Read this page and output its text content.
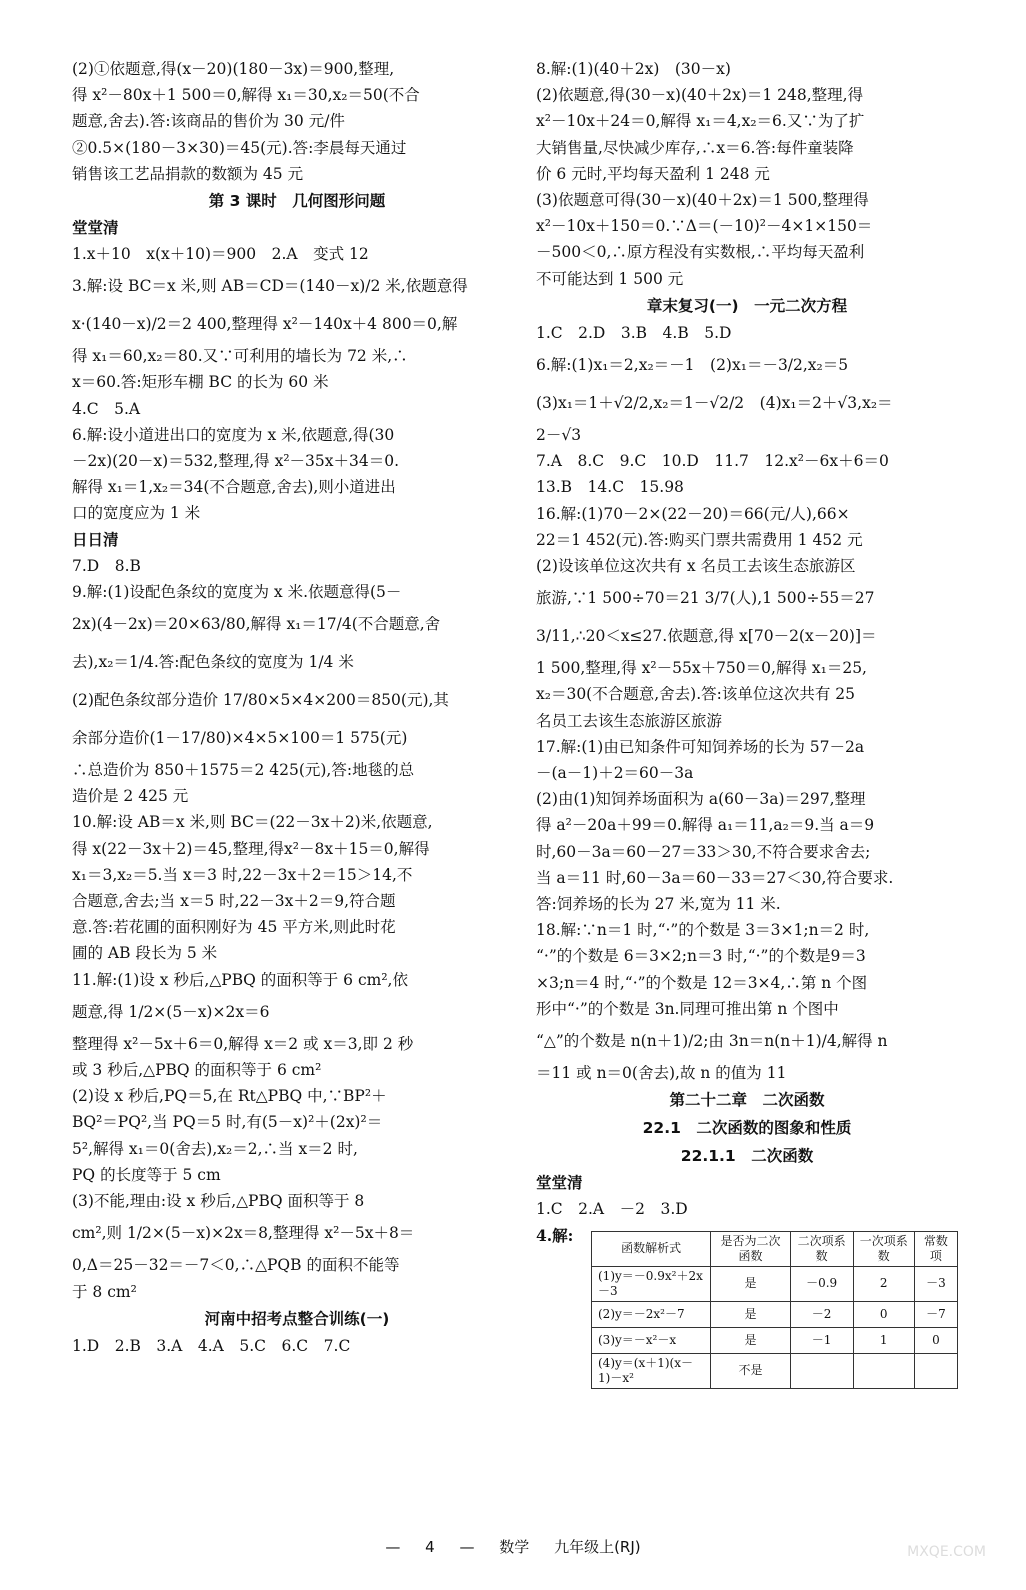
(2)①依题意,得(x－20)(180－3x)＝900,整理,
得 x²－80x＋1 500＝0,解得 x₁＝30,x₂＝50(不合
题意,舍去).答:该商品的售价为 30 元/件
②0.5×(180－3×30)＝45(元).答:李晨每天通过
销售该工艺品捐款的数额为 45 元
第 3 课时　几何图形问题
堂堂清
1.x＋10　x(x＋10)＝900　2.A　变式 12
3.解:设 BC＝x 米,则 AB＝CD＝(140－x)/2 米,依题意得
x·(140－x)/2＝2 400,整理得 x²－140x＋4 800＝0,解
得 x₁＝60,x₂＝80.又∵可利用的墙长为 72 米,∴
x＝60.答:矩形车棚 BC 的长为 60 米
4.C　5.A
6.解:设小道进出口的宽度为 x 米,依题意,得(30
－2x)(20－x)＝532,整理,得 x²－35x＋34＝0.
解得 x₁＝1,x₂＝34(不合题意,舍去),则小道进出
口的宽度应为 1 米
日日清
7.D　8.B
9.解:(1)设配色条纹的宽度为 x 米.依题意得(5－
2x)(4－2x)＝20×63/80,解得 x₁＝17/4(不合题意,舍
去),x₂＝1/4.答:配色条纹的宽度为 1/4 米
(2)配色条纹部分造价 17/80×5×4×200＝850(元),其
余部分造价(1－17/80)×4×5×100＝1 575(元)
∴总造价为 850＋1575＝2 425(元),答:地毯的总
造价是 2 425 元
10.解:设 AB＝x 米,则 BC＝(22－3x＋2)米,依题意,
得 x(22－3x＋2)＝45,整理,得x²－8x＋15＝0,解得
x₁＝3,x₂＝5.当 x＝3 时,22－3x＋2＝15＞14,不
合题意,舍去;当 x＝5 时,22－3x＋2＝9,符合题
意.答:若花圃的面积刚好为 45 平方米,则此时花
圃的 AB 段长为 5 米
11.解:(1)设 x 秒后,△PBQ 的面积等于 6 cm²,依
题意,得 1/2×(5－x)×2x＝6
整理得 x²－5x＋6＝0,解得 x＝2 或 x＝3,即 2 秒
或 3 秒后,△PBQ 的面积等于 6 cm²
(2)设 x 秒后,PQ＝5,在 Rt△PBQ 中,∵BP²＋
BQ²＝PQ²,当 PQ＝5 时,有(5－x)²＋(2x)²＝
5²,解得 x₁＝0(舍去),x₂＝2,∴当 x＝2 时,
PQ 的长度等于 5 cm
(3)不能,理由:设 x 秒后,△PBQ 面积等于 8
cm²,则 1/2×(5－x)×2x＝8,整理得 x²－5x＋8＝
0,Δ＝25－32＝－7＜0,∴△PQB 的面积不能等
于 8 cm²
河南中招考点整合训练(一)
1.D　2.B　3.A　4.A　5.C　6.C　7.C
8.解:(1)(40＋2x)　(30－x)
(2)依题意,得(30－x)(40＋2x)＝1 248,整理,得
x²－10x＋24＝0,解得 x₁＝4,x₂＝6.又∵为了扩
大销售量,尽快减少库存,∴x＝6.答:每件童装降
价 6 元时,平均每天盈利 1 248 元
(3)依题意可得(30－x)(40＋2x)＝1 500,整理得
x²－10x＋150＝0.∵Δ＝(－10)²－4×1×150＝
－500＜0,∴原方程没有实数根,∴平均每天盈利
不可能达到 1 500 元
章末复习(一)　一元二次方程
1.C　2.D　3.B　4.B　5.D
6.解:(1)x₁＝2,x₂＝－1　(2)x₁＝－3/2,x₂＝5
(3)x₁＝1＋√2/2,x₂＝1－√2/2　(4)x₁＝2＋√3,x₂＝
2－√3
7.A　8.C　9.C　10.D　11.7　12.x²－6x＋6＝0
13.B　14.C　15.98
16.解:(1)70－2×(22－20)＝66(元/人),66×
22＝1 452(元).答:购买门票共需费用 1 452 元
(2)设该单位这次共有 x 名员工去该生态旅游区
旅游,∵1 500÷70＝21 3/7(人),1 500÷55＝27
3/11,∴20＜x≤27.依题意,得 x[70－2(x－20)]＝
1 500,整理,得 x²－55x＋750＝0,解得 x₁＝25,
x₂＝30(不合题意,舍去).答:该单位这次共有 25
名员工去该生态旅游区旅游
17.解:(1)由已知条件可知饲养场的长为 57－2a
－(a－1)＋2＝60－3a
(2)由(1)知饲养场面积为 a(60－3a)＝297,整理
得 a²－20a＋99＝0.解得 a₁＝11,a₂＝9.当 a＝9
时,60－3a＝60－27＝33＞30,不符合要求舍去;
当 a＝11 时,60－3a＝60－33＝27＜30,符合要求.
答:饲养场的长为 27 米,宽为 11 米.
18.解:∵n＝1 时,“·”的个数是 3＝3×1;n＝2 时,
“·”的个数是 6＝3×2;n＝3 时,“·”的个数是9＝3
×3;n＝4 时,“·”的个数是 12＝3×4,∴第 n 个图
形中“·”的个数是 3n.同理可推出第 n 个图中
“△”的个数是 n(n＋1)/2;由 3n＝n(n＋1)/4,解得 n
＝11 或 n＝0(舍去),故 n 的值为 11
第二十二章　二次函数
22.1　二次函数的图象和性质
22.1.1　二次函数
堂堂清
1.C　2.A　－2　3.D
4.解:
函数解析式	是否为二次函数	二次项系数	一次项系数	常数项
(1)y＝－0.9x²＋2x－3	是	－0.9	2	－3
(2)y＝－2x²－7	是	－2	0	－7
(3)y＝－x²－x	是	－1	1	0
(4)y＝(x＋1)(x－1)－x²	不是			
— 4 — 数学 九年级上(RJ)	MXQE.COM
